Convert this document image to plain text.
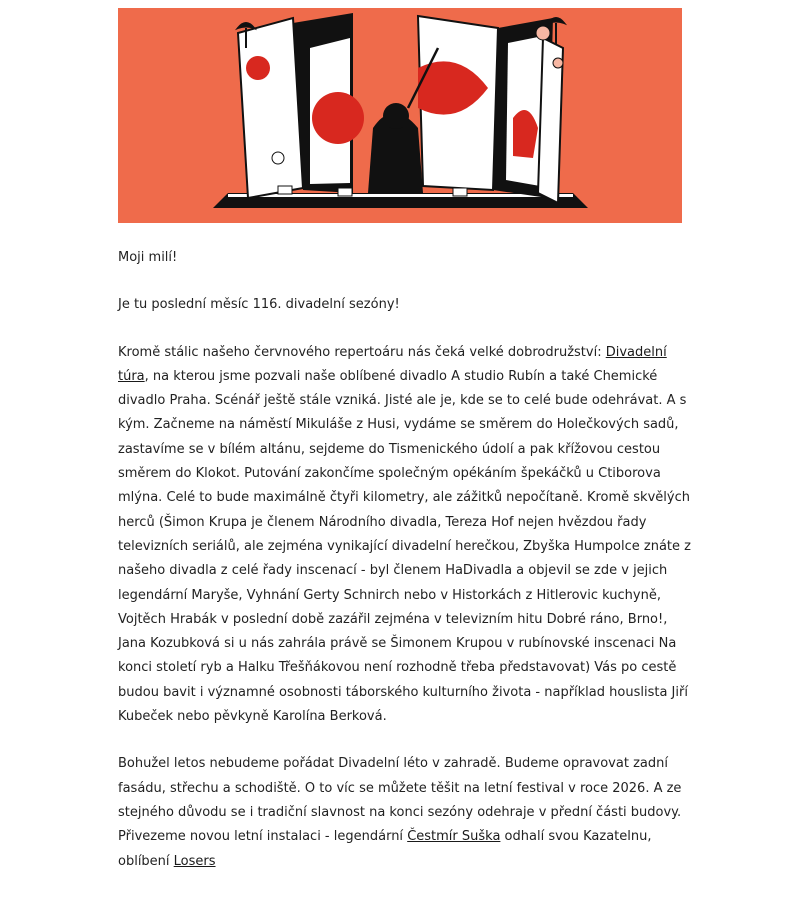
Moji milí!

Je tu poslední měsíc 116. divadelní sezóny!

Kromě stálic našeho červnového repertoáru nás čeká velké dobrodružství: Divadelní túra, na kterou jsme pozvali naše oblíbené divadlo A studio Rubín a také Chemické divadlo Praha. Scénář ještě stále vzniká. Jisté ale je, kde se to celé bude odehrávat. A s kým. Začneme na náměstí Mikuláše z Husi, vydáme se směrem do Holečkových sadů, zastavíme se v bílém altánu, sejdeme do Tismenického údolí a pak křížovou cestou směrem do Klokot. Putování zakončíme společným opékáním špekáčků u Ctiborova mlýna. Celé to bude maximálně čtyři kilometry, ale zážitků nepočítaně. Kromě skvělých herců (Šimon Krupa je členem Národního divadla, Tereza Hof nejen hvězdou řady televizních seriálů, ale zejména vynikající divadelní herečkou, Zbyška Humpolce znáte z našeho divadla z celé řady inscenací - byl členem HaDivadla a objevil se zde v jejich legendární Maryše, Vyhnání Gerty Schnirch nebo v Historkách z Hitlerovic kuchyně, Vojtěch Hrabák v poslední době zazářil zejména v televizním hitu Dobré ráno, Brno!, Jana Kozubková si u nás zahrála právě se Šimonem Krupou v rubínovské inscenaci Na konci století ryb a Halku Třešňákovou není rozhodně třeba představovat) Vás po cestě budou bavit i významné osobnosti táborského kulturního života - například houslista Jiří Kubeček nebo pěvkyně Karolína Berková.

Bohužel letos nebudeme pořádat Divadelní léto v zahradě. Budeme opravovat zadní fasádu, střechu a schodiště. O to víc se můžete těšit na letní festival v roce 2026. A ze stejného důvodu se i tradiční slavnost na konci sezóny odehraje v přední části budovy. Přivezeme novou letní instalaci - legendární Čestmír Suška odhalí svou Kazatelnu, oblíbení Losers
